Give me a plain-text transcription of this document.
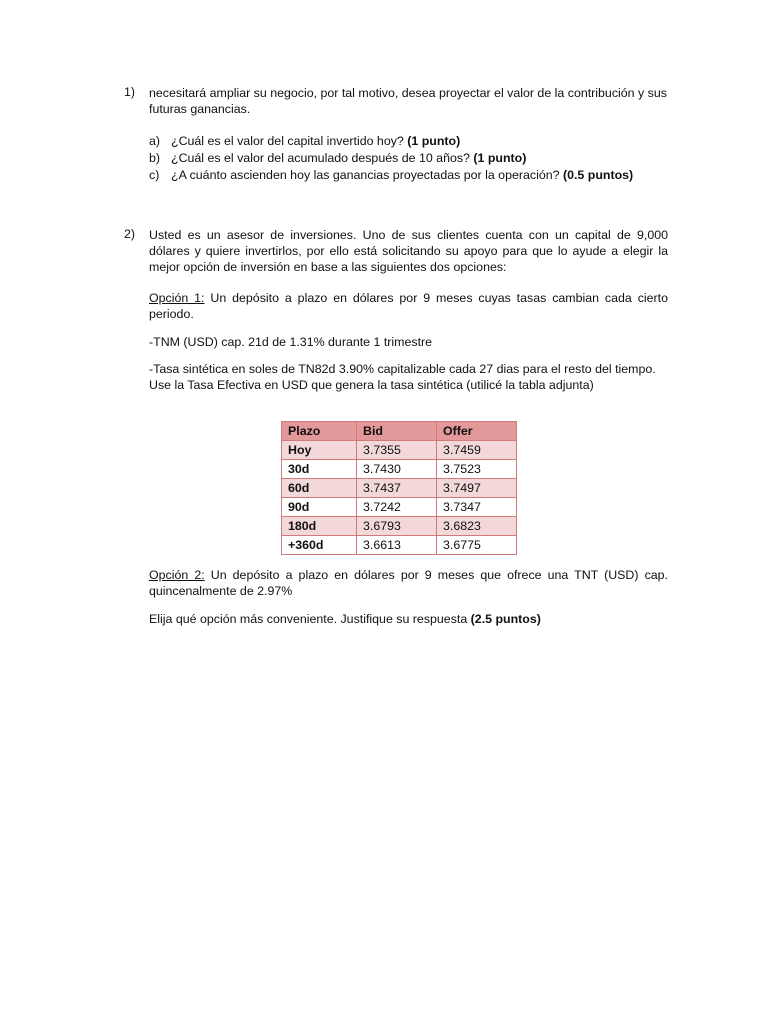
1) necesitará ampliar su negocio, por tal motivo, desea proyectar el valor de la contribución y sus futuras ganancias.

a) ¿Cuál es el valor del capital invertido hoy? (1 punto)
b) ¿Cuál es el valor del acumulado después de 10 años? (1 punto)
c) ¿A cuánto ascienden hoy las ganancias proyectadas por la operación? (0.5 puntos)
2) Usted es un asesor de inversiones. Uno de sus clientes cuenta con un capital de 9,000 dólares y quiere invertirlos, por ello está solicitando su apoyo para que lo ayude a elegir la mejor opción de inversión en base a las siguientes dos opciones:

Opción 1: Un depósito a plazo en dólares por 9 meses cuyas tasas cambian cada cierto periodo.

-TNM (USD) cap. 21d de 1.31% durante 1 trimestre

-Tasa sintética en soles de TN82d 3.90% capitalizable cada 27 dias para el resto del tiempo.

Use la Tasa Efectiva en USD que genera la tasa sintética (utilicé la tabla adjunta)

Plazo	Bid	Offer
Hoy	3.7355	3.7459
30d	3.7430	3.7523
60d	3.7437	3.7497
90d	3.7242	3.7347
180d	3.6793	3.6823
+360d	3.6613	3.6775

Opción 2: Un depósito a plazo en dólares por 9 meses que ofrece una TNT (USD) cap. quincenalmente de 2.97%

Elija qué opción más conveniente. Justifique su respuesta (2.5 puntos)
